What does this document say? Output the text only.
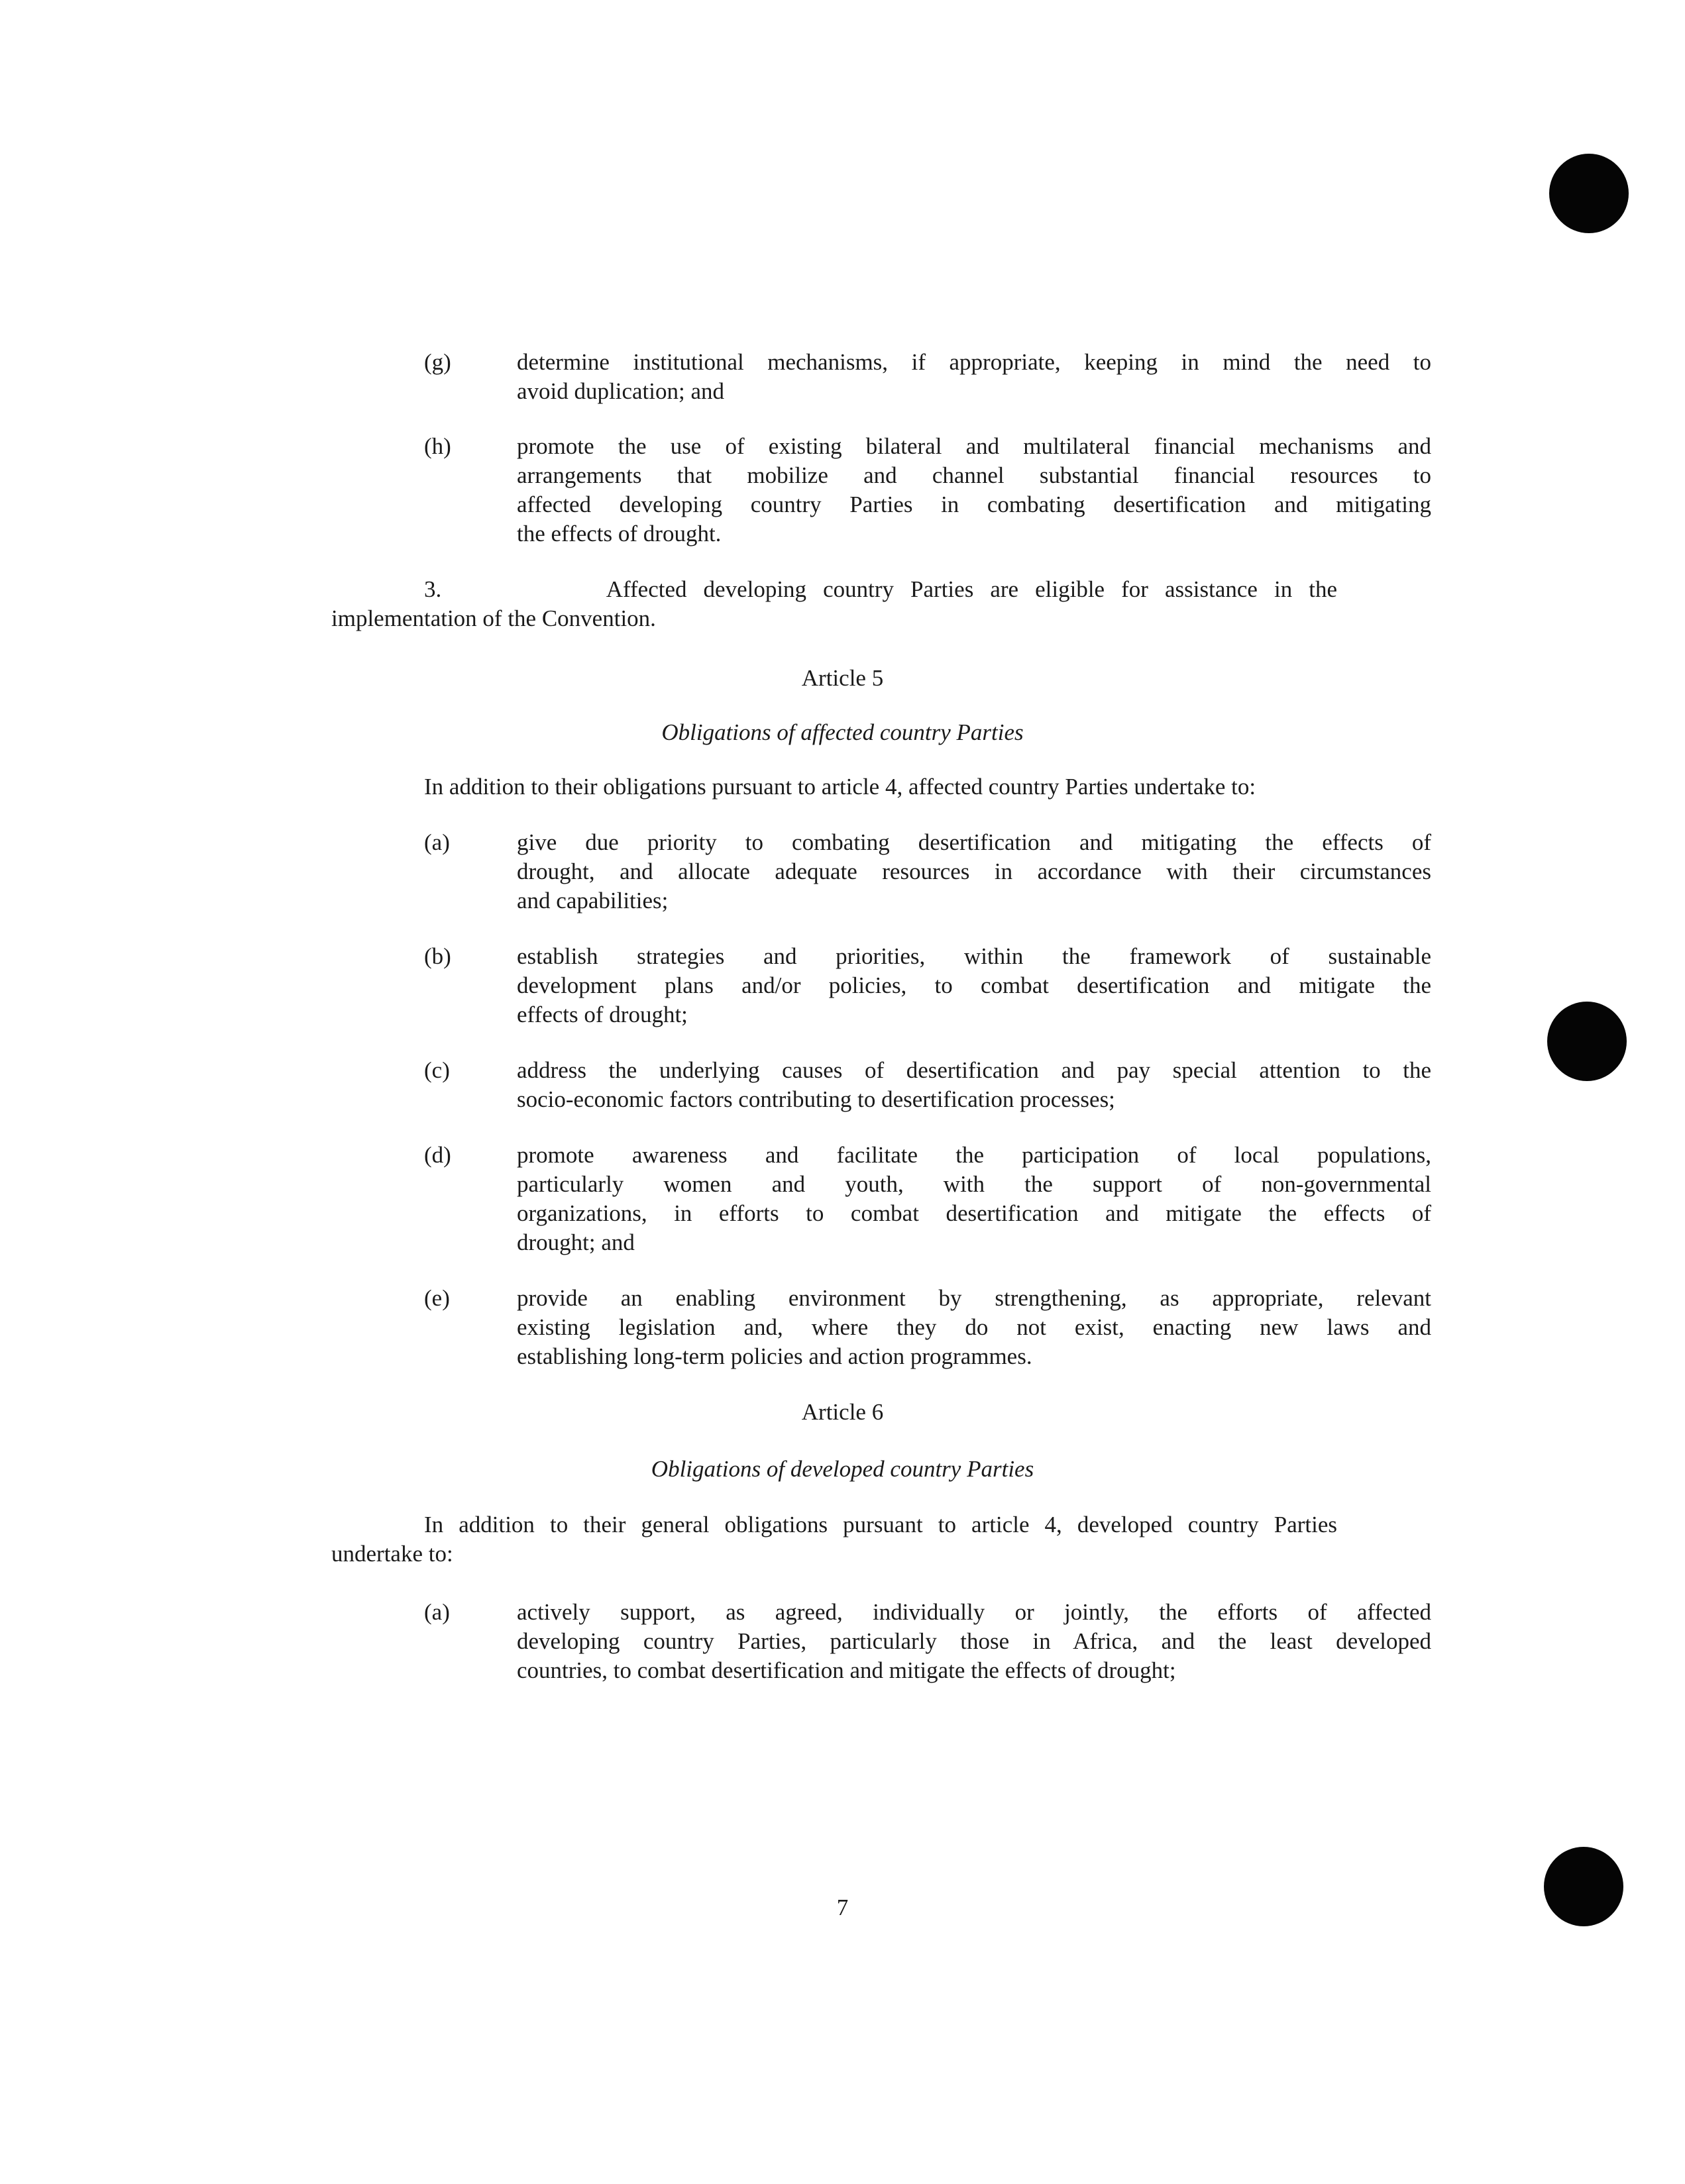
(g)	determine institutional mechanisms, if appropriate, keeping in mind the need to
avoid duplication; and
(h)	promote the use of existing bilateral and multilateral financial mechanisms and
arrangements that mobilize and channel substantial financial resources to
affected developing country Parties in combating desertification and mitigating
the effects of drought.
3.          Affected developing country Parties are eligible for assistance in the
implementation of the Convention.
Article 5
Obligations of affected country Parties
In addition to their obligations pursuant to article 4, affected country Parties undertake to:
(a)	give due priority to combating desertification and mitigating the effects of
drought, and allocate adequate resources in accordance with their circumstances
and capabilities;
(b)	establish strategies and priorities, within the framework of sustainable
development plans and/or policies, to combat desertification and mitigate the
effects of drought;
(c)	address the underlying causes of desertification and pay special attention to the
socio-economic factors contributing to desertification processes;
(d)	promote awareness and facilitate the participation of local populations,
particularly women and youth, with the support of non-governmental
organizations, in efforts to combat desertification and mitigate the effects of
drought; and
(e)	provide an enabling environment by strengthening, as appropriate, relevant
existing legislation and, where they do not exist, enacting new laws and
establishing long-term policies and action programmes.
Article 6
Obligations of developed country Parties
In addition to their general obligations pursuant to article 4, developed country Parties
undertake to:
(a)	actively support, as agreed, individually or jointly, the efforts of affected
developing country Parties, particularly those in Africa, and the least developed
countries, to combat desertification and mitigate the effects of drought;
7
